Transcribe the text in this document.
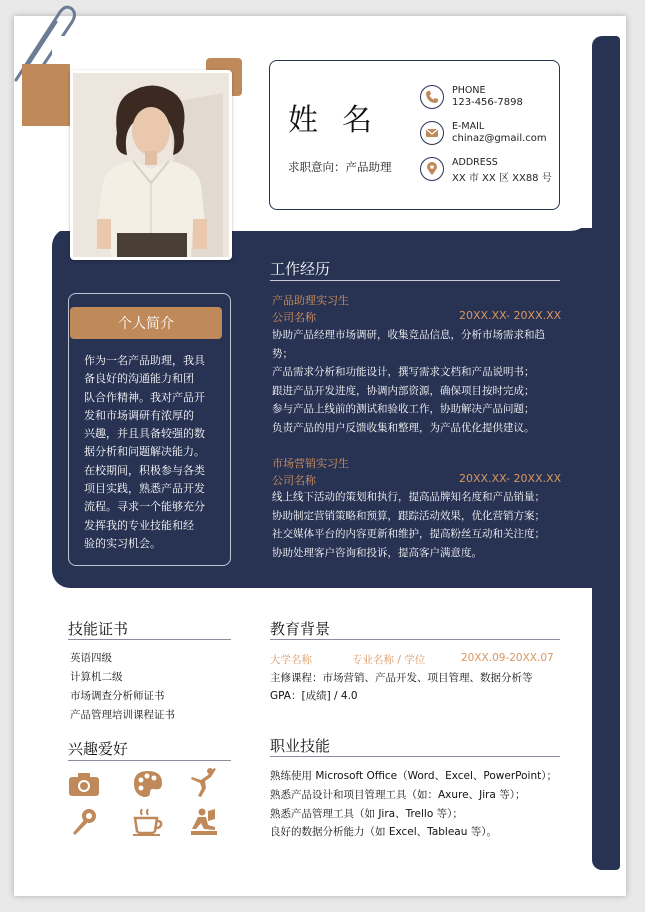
姓名
求职意向：产品助理
PHONE
123-456-7898
E-MAIL
chinaz@gmail.com
ADDRESS
XX 市 XX 区 XX88 号
个人简介
作为一名产品助理，我具
备良好的沟通能力和团
队合作精神。我对产品开
发和市场调研有浓厚的
兴趣，并且具备较强的数
据分析和问题解决能力。
在校期间，积极参与各类
项目实践，熟悉产品开发
流程。寻求一个能够充分
发挥我的专业技能和经
验的实习机会。
工作经历
产品助理实习生
公司名称	20XX.XX- 20XX.XX
协助产品经理市场调研，收集竞品信息，分析市场需求和趋
势；
产品需求分析和功能设计，撰写需求文档和产品说明书；
跟进产品开发进度，协调内部资源，确保项目按时完成；
参与产品上线前的测试和验收工作，协助解决产品问题；
负责产品的用户反馈收集和整理，为产品优化提供建议。
市场营销实习生
公司名称	20XX.XX- 20XX.XX
线上线下活动的策划和执行，提高品牌知名度和产品销量；
协助制定营销策略和预算，跟踪活动效果，优化营销方案；
社交媒体平台的内容更新和维护，提高粉丝互动和关注度；
协助处理客户咨询和投诉，提高客户满意度。
技能证书
英语四级
计算机二级
市场调查分析师证书
产品管理培训课程证书
兴趣爱好
教育背景
大学名称	专业名称 / 学位	20XX.09-20XX.07
主修课程：市场营销、产品开发、项目管理、数据分析等
GPA：[成绩] / 4.0
职业技能
熟练使用 Microsoft Office（Word、Excel、PowerPoint）；
熟悉产品设计和项目管理工具（如：Axure、Jira 等）；
熟悉产品管理工具（如 Jira、Trello 等）；
良好的数据分析能力（如 Excel、Tableau 等）。
